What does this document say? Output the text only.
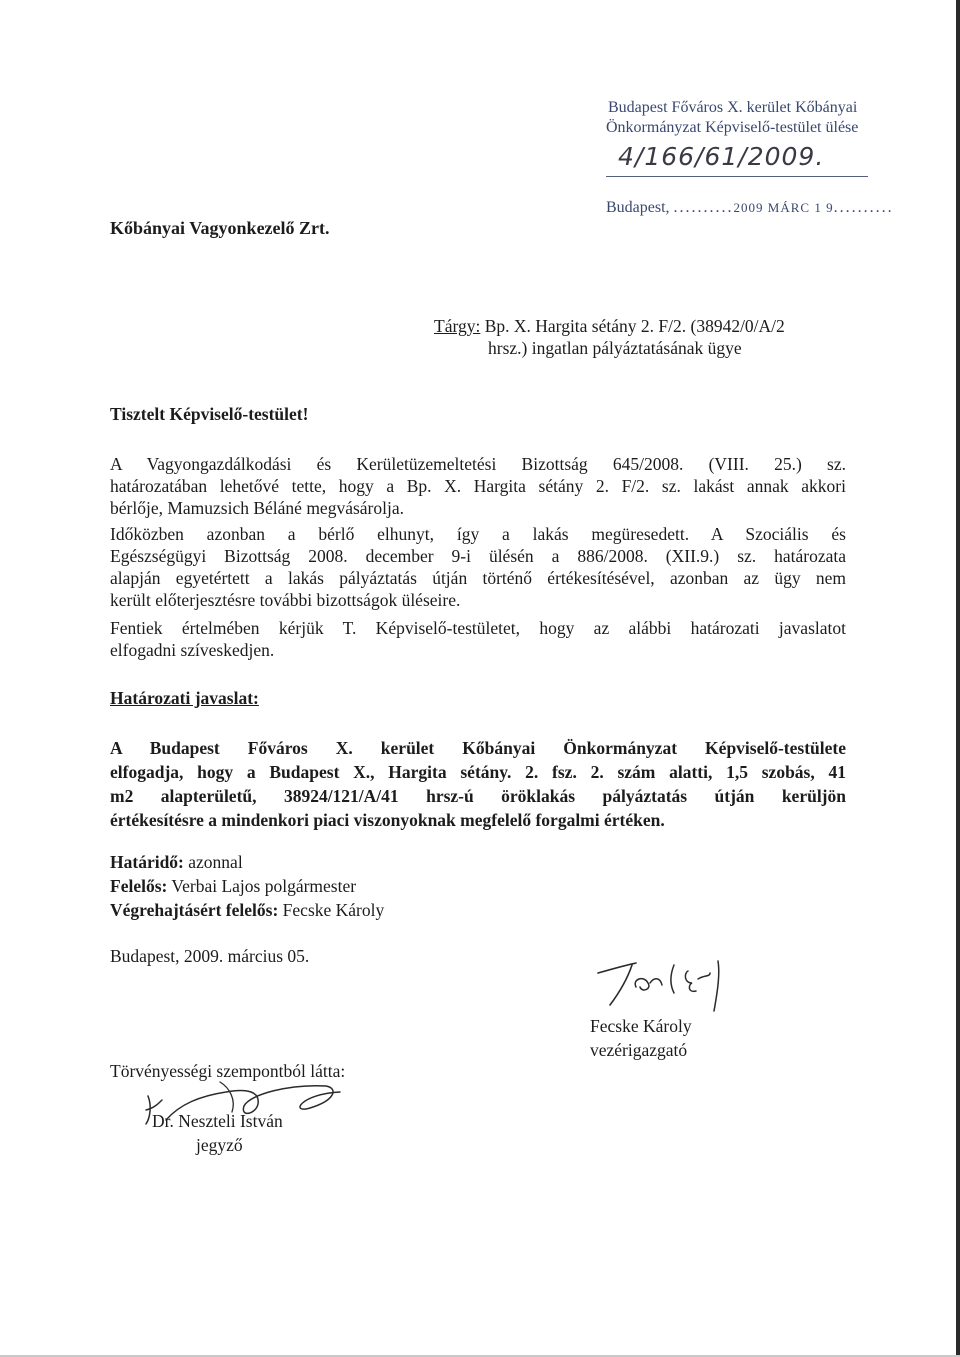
Budapest Főváros X. kerület Kőbányai
Önkormányzat Képviselő-testület ülése
4/166/61/2009.
Budapest, ..........2009 MÁRC 1 9..........
Kőbányai Vagyonkezelő Zrt.
Tárgy: Bp. X. Hargita sétány 2. F/2. (38942/0/A/2
hrsz.) ingatlan pályáztatásának ügye
Tisztelt Képviselő-testület!
A Vagyongazdálkodási és Kerületüzemeltetési Bizottság 645/2008. (VIII. 25.) sz.
határozatában lehetővé tette, hogy a Bp. X. Hargita sétány 2. F/2. sz. lakást annak akkori
bérlője, Mamuzsich Béláné megvásárolja.
Időközben azonban a bérlő elhunyt, így a lakás megüresedett. A Szociális és
Egészségügyi Bizottság 2008. december 9-i ülésén a 886/2008. (XII.9.) sz. határozata
alapján egyetértett a lakás pályáztatás útján történő értékesítésével, azonban az ügy nem
került előterjesztésre további bizottságok üléseire.
Fentiek értelmében kérjük T. Képviselő-testületet, hogy az alábbi határozati javaslatot
elfogadni szíveskedjen.
Határozati javaslat:
A Budapest Főváros X. kerület Kőbányai Önkormányzat Képviselő-testülete
elfogadja, hogy a Budapest X., Hargita sétány. 2. fsz. 2. szám alatti, 1,5 szobás, 41
m2 alapterületű, 38924/121/A/41 hrsz-ú öröklakás pályáztatás útján kerüljön
értékesítésre a mindenkori piaci viszonyoknak megfelelő forgalmi értéken.
Határidő: azonnal
Felelős: Verbai Lajos polgármester
Végrehajtásért felelős: Fecske Károly
Budapest, 2009. március 05.
Fecske Károly
vezérigazgató
Törvényességi szempontból látta:
Dr. Neszteli István
jegyző
